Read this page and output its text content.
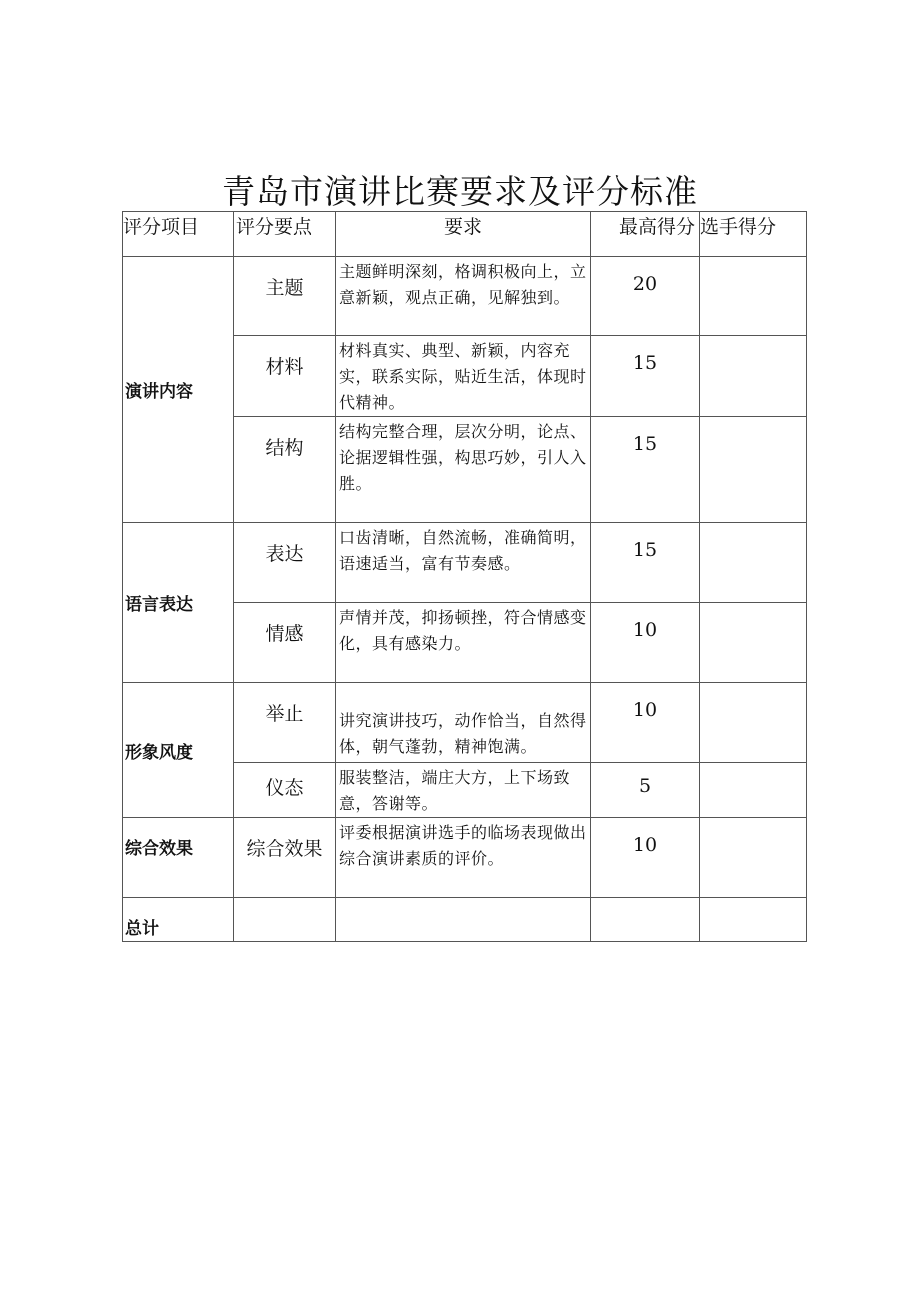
青岛市演讲比赛要求及评分标准
评分项目	评分要点	要求	最高得分	选手得分

演讲内容	主题	主题鲜明深刻，格调积极向上，立意新颖，观点正确，见解独到。	20	

	材料	材料真实、典型、新颖，内容充实，联系实际，贴近生活，体现时代精神。	15	

	结构	结构完整合理，层次分明，论点、论据逻辑性强，构思巧妙，引人入胜。	15	

语言表达	表达	口齿清晰，自然流畅，准确简明，语速适当，富有节奏感。	15	

	情感	声情并茂，抑扬顿挫，符合情感变化，具有感染力。	10	

形象风度	举止	讲究演讲技巧，动作恰当，自然得体，朝气蓬勃，精神饱满。	10	

	仪态	服装整洁，端庄大方，上下场致意，答谢等。	5	

综合效果	综合效果	评委根据演讲选手的临场表现做出综合演讲素质的评价。	10	

总计				
